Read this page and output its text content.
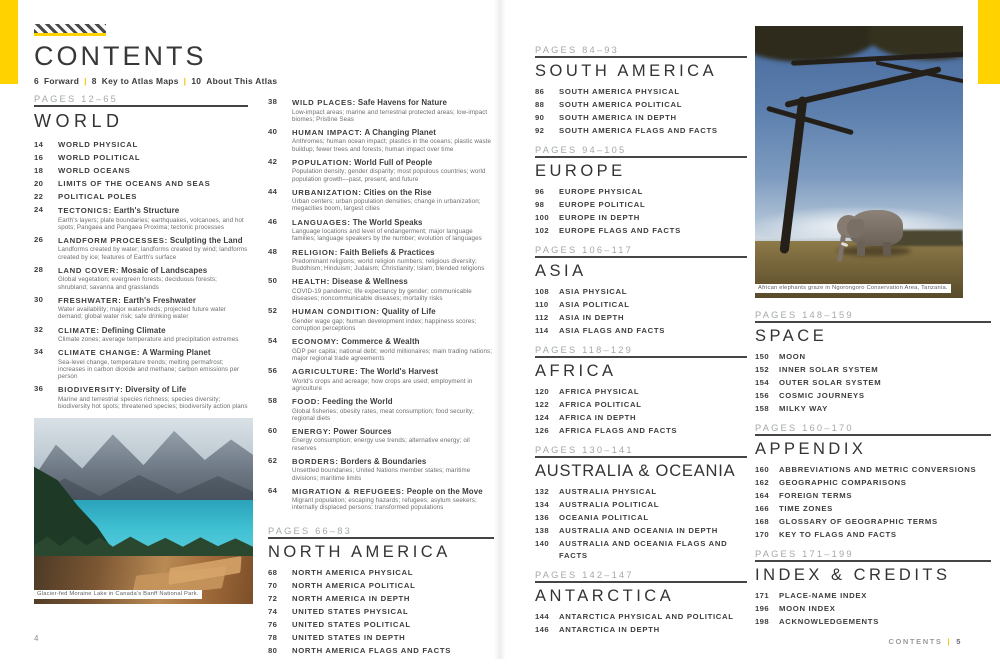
CONTENTS
6 Forward | 8 Key to Atlas Maps | 10 About This Atlas
PAGES 12–65
WORLD
14	WORLD PHYSICAL
16	WORLD POLITICAL
18	WORLD OCEANS
20	LIMITS OF THE OCEANS AND SEAS
22	POLITICAL POLES
24	TECTONICS: Earth's Structure
Earth's layers; plate boundaries; earthquakes, volcanoes, and hot spots; Pangaea and Pangaea Proxima; tectonic processes
26	LANDFORM PROCESSES: Sculpting the Land
Landforms created by water; landforms created by wind; landforms created by ice; features of Earth's surface
28	LAND COVER: Mosaic of Landscapes
Global vegetation; evergreen forests; deciduous forests; shrubland; savanna and grasslands
30	FRESHWATER: Earth's Freshwater
Water availability; major watersheds; projected future water demand; global water risk; safe drinking water
32	CLIMATE: Defining Climate
Climate zones; average temperature and precipitation extremes
34	CLIMATE CHANGE: A Warming Planet
Sea-level change, temperature trends; melting permafrost; increases in carbon dioxide and methane; carbon emissions per person
36	BIODIVERSITY: Diversity of Life
Marine and terrestrial species richness; species diversity; biodiversity hot spots; threatened species; biodiversity action plans
Glacier-fed Moraine Lake in Canada's Banff National Park.
38	WILD PLACES: Safe Havens for Nature
Low-impact areas; marine and terrestrial protected areas; low-impact biomes; Pristine Seas
40	HUMAN IMPACT: A Changing Planet
Anthromes; human ocean impact; plastics in the oceans; plastic waste buildup; fewer trees and forests; human impact over time
42	POPULATION: World Full of People
Population density; gender disparity; most populous countries; world population growth—past, present, and future
44	URBANIZATION: Cities on the Rise
Urban centers; urban population densities; change in urbanization; megacities boom, largest cities
46	LANGUAGES: The World Speaks
Language locations and level of endangerment; major language families; language speakers by the number; evolution of languages
48	RELIGION: Faith Beliefs & Practices
Predominant religions; world religion numbers; religious diversity; Buddhism; Hinduism; Judaism; Christianity; Islam; blended religions
50	HEALTH: Disease & Wellness
COVID-19 pandemic; life expectancy by gender; communicable diseases; noncommunicable diseases; mortality risks
52	HUMAN CONDITION: Quality of Life
Gender wage gap; human development index; happiness scores; corruption perceptions
54	ECONOMY: Commerce & Wealth
GDP per capita; national debt; world millionaires; main trading nations; major regional trade agreements
56	AGRICULTURE: The World's Harvest
World's crops and acreage; how crops are used; employment in agriculture
58	FOOD: Feeding the World
Global fisheries; obesity rates, meat consumption; food security; regional diets
60	ENERGY: Power Sources
Energy consumption; energy use trends; alternative energy; oil reserves
62	BORDERS: Borders & Boundaries
Unsettled boundaries; United Nations member states; maritime divisions; maritime limits
64	MIGRATION & REFUGEES: People on the Move
Migrant population; escaping hazards; refugees; asylum seekers; internally displaced persons; transformed populations
PAGES 66–83
NORTH AMERICA
68	NORTH AMERICA PHYSICAL
70	NORTH AMERICA POLITICAL
72	NORTH AMERICA IN DEPTH
74	UNITED STATES PHYSICAL
76	UNITED STATES POLITICAL
78	UNITED STATES IN DEPTH
80	NORTH AMERICA FLAGS AND FACTS
PAGES 84–93
SOUTH AMERICA
86	SOUTH AMERICA PHYSICAL
88	SOUTH AMERICA POLITICAL
90	SOUTH AMERICA IN DEPTH
92	SOUTH AMERICA FLAGS AND FACTS
PAGES 94–105
EUROPE
96	EUROPE PHYSICAL
98	EUROPE POLITICAL
100	EUROPE IN DEPTH
102	EUROPE FLAGS AND FACTS
PAGES 106–117
ASIA
108	ASIA PHYSICAL
110	ASIA POLITICAL
112	ASIA IN DEPTH
114	ASIA FLAGS AND FACTS
PAGES 118–129
AFRICA
120	AFRICA PHYSICAL
122	AFRICA POLITICAL
124	AFRICA IN DEPTH
126	AFRICA FLAGS AND FACTS
PAGES 130–141
AUSTRALIA & OCEANIA
132	AUSTRALIA PHYSICAL
134	AUSTRALIA POLITICAL
136	OCEANIA POLITICAL
138	AUSTRALIA AND OCEANIA IN DEPTH
140	AUSTRALIA AND OCEANIA FLAGS AND FACTS
PAGES 142–147
ANTARCTICA
144	ANTARCTICA PHYSICAL AND POLITICAL
146	ANTARCTICA IN DEPTH
African elephants graze in Ngorongoro Conservation Area, Tanzania.
PAGES 148–159
SPACE
150	MOON
152	INNER SOLAR SYSTEM
154	OUTER SOLAR SYSTEM
156	COSMIC JOURNEYS
158	MILKY WAY
PAGES 160–170
APPENDIX
160	ABBREVIATIONS AND METRIC CONVERSIONS
162	GEOGRAPHIC COMPARISONS
164	FOREIGN TERMS
166	TIME ZONES
168	GLOSSARY OF GEOGRAPHIC TERMS
170	KEY TO FLAGS AND FACTS
PAGES 171–199
INDEX & CREDITS
171	PLACE-NAME INDEX
196	MOON INDEX
198	ACKNOWLEDGEMENTS
4	CONTENTS | 5
